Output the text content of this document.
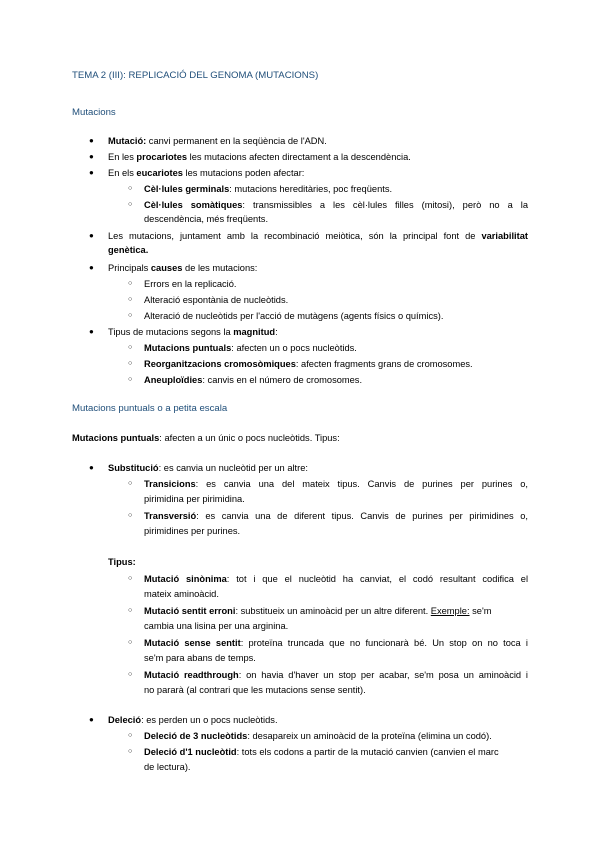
TEMA 2 (III): REPLICACIÓ DEL GENOMA (MUTACIONS)
Mutacions
● Mutació: canvi permanent en la seqüència de l'ADN.
● En les procariotes les mutacions afecten directament a la descendència.
● En els eucariotes les mutacions poden afectar:
○ Cèl·lules germinals: mutacions hereditàries, poc freqüents.
○ Cèl·lules somàtiques: transmissibles a les cèl·lules filles (mitosi), però no a la
descendència, més freqüents.
● Les mutacions, juntament amb la recombinació meiòtica, són la principal font de variabilitat
genètica.
● Principals causes de les mutacions:
○ Errors en la replicació.
○ Alteració espontània de nucleòtids.
○ Alteració de nucleòtids per l'acció de mutàgens (agents físics o químics).
● Tipus de mutacions segons la magnitud:
○ Mutacions puntuals: afecten un o pocs nucleòtids.
○ Reorganitzacions cromosòmiques: afecten fragments grans de cromosomes.
○ Aneuploïdies: canvis en el número de cromosomes.
Mutacions puntuals o a petita escala
Mutacions puntuals: afecten a un únic o pocs nucleòtids. Tipus:
● Substitució: es canvia un nucleòtid per un altre:
○ Transicions: es canvia una del mateix tipus. Canvis de purines per purines o,
pirimidina per pirimidina.
○ Transversió: es canvia una de diferent tipus. Canvis de purines per pirimidines o,
pirimidines per purines.
Tipus:
○ Mutació sinònima: tot i que el nucleòtid ha canviat, el codó resultant codifica el
mateix aminoàcid.
○ Mutació sentit erroni: substitueix un aminoàcid per un altre diferent. Exemple: se'm
cambia una lisina per una arginina.
○ Mutació sense sentit: proteïna truncada que no funcionarà bé. Un stop on no toca i
se'm para abans de temps.
○ Mutació readthrough: on havia d'haver un stop per acabar, se'm posa un aminoàcid i
no pararà (al contrari que les mutacions sense sentit).
● Deleció: es perden un o pocs nucleòtids.
○ Deleció de 3 nucleòtids: desapareix un aminoàcid de la proteïna (elimina un codó).
○ Deleció d'1 nucleòtid: tots els codons a partir de la mutació canvien (canvien el marc
de lectura).
